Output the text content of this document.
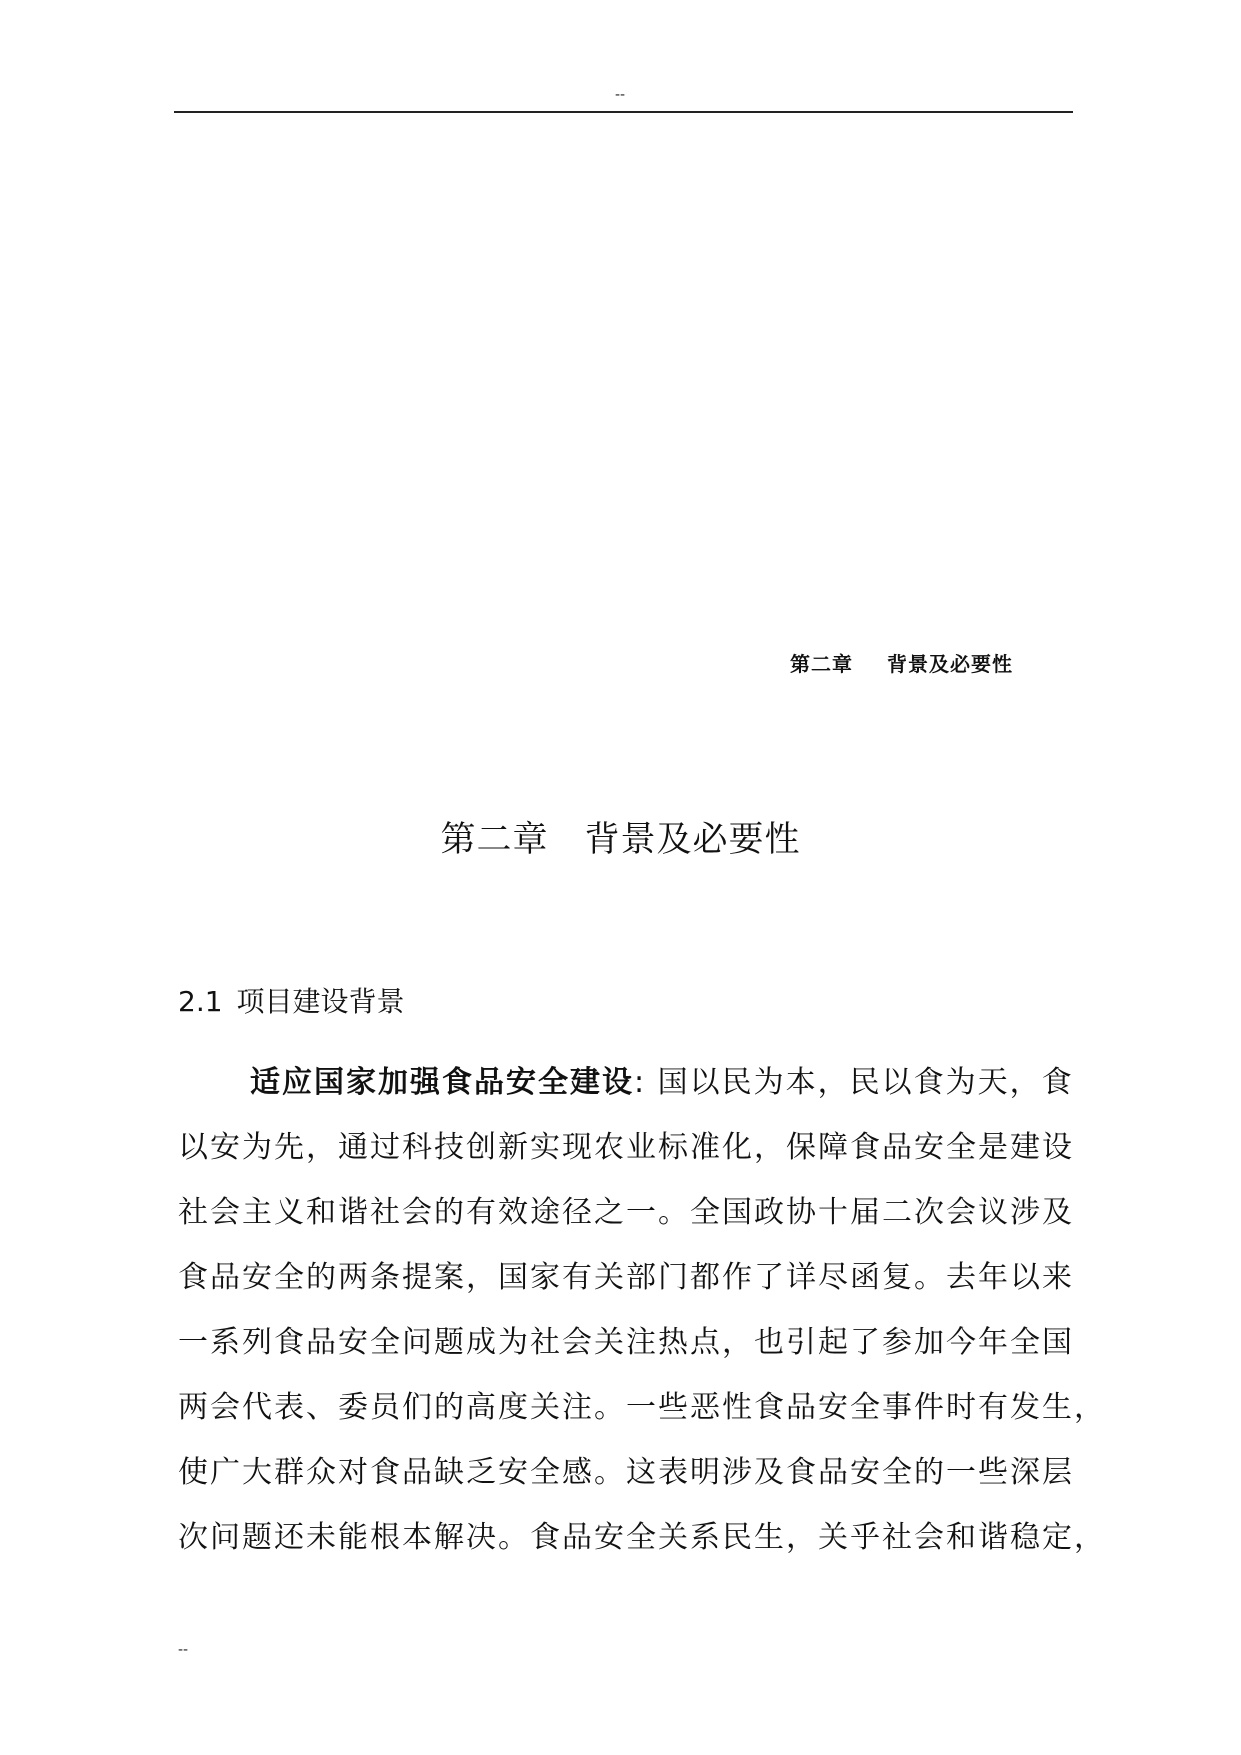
--
第二章 背景及必要性
第二章 背景及必要性
2.1 项目建设背景
适应国家加强食品安全建设: 国以民为本，民以食为天，食
以安为先，通过科技创新实现农业标准化，保障食品安全是建设
社会主义和谐社会的有效途径之一。全国政协十届二次会议涉及
食品安全的两条提案，国家有关部门都作了详尽函复。去年以来
一系列食品安全问题成为社会关注热点，也引起了参加今年全国
两会代表、委员们的高度关注。一些恶性食品安全事件时有发生，
使广大群众对食品缺乏安全感。这表明涉及食品安全的一些深层
次问题还未能根本解决。食品安全关系民生，关乎社会和谐稳定，
--
